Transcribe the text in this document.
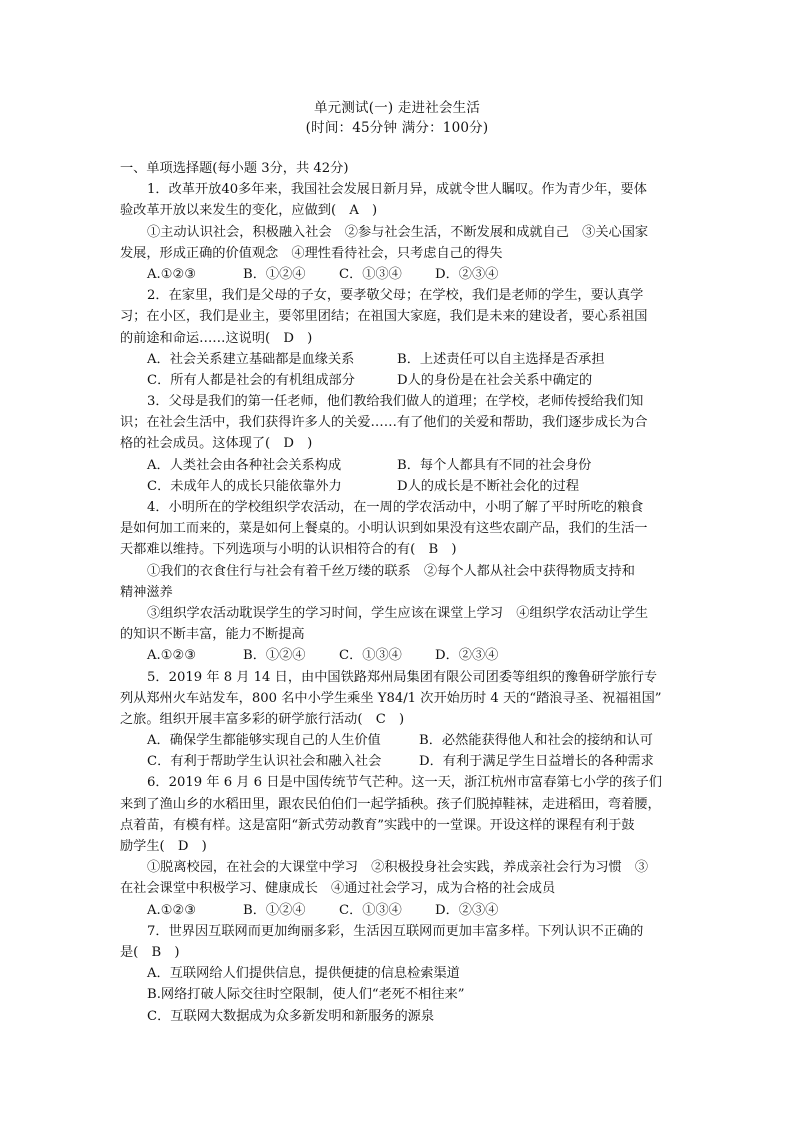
单元测试(一) 走进社会生活
(时间：45分钟 满分：100分)
一、单项选择题(每小题 3分，共 42分)
1．改革开放40多年来，我国社会发展日新月异，成就令世人瞩叹。作为青少年，要体
验改革开放以来发生的变化，应做到(　A　)
①主动认识社会，积极融入社会　②参与社会生活，不断发展和成就自己　③关心国家
发展，形成正确的价值观念　④理性看待社会，只考虑自己的得失
A.①②③	B．①②④	C．①③④	D．②③④
2．在家里，我们是父母的子女，要孝敬父母；在学校，我们是老师的学生，要认真学
习；在小区，我们是业主，要邻里团结；在祖国大家庭，我们是未来的建设者，要心系祖国
的前途和命运……这说明(　D　)
A．社会关系建立基础都是血缘关系	B．上述责任可以自主选择是否承担
C．所有人都是社会的有机组成部分	D人的身份是在社会关系中确定的
3．父母是我们的第一任老师，他们教给我们做人的道理；在学校，老师传授给我们知
识；在社会生活中，我们获得许多人的关爱……有了他们的关爱和帮助，我们逐步成长为合
格的社会成员。这体现了(　D　)
A．人类社会由各种社会关系构成	B．每个人都具有不同的社会身份
C．未成年人的成长只能依靠外力	D人的成长是不断社会化的过程
4．小明所在的学校组织学农活动，在一周的学农活动中，小明了解了平时所吃的粮食
是如何加工而来的，菜是如何上餐桌的。小明认识到如果没有这些农副产品，我们的生活一
天都难以维持。下列选项与小明的认识相符合的有(　B　)
①我们的衣食住行与社会有着千丝万缕的联系　②每个人都从社会中获得物质支持和
精神滋养
③组织学农活动耽误学生的学习时间，学生应该在课堂上学习　④组织学农活动让学生
的知识不断丰富，能力不断提高
A.①②③	B．①②④	C．①③④	D．②③④
5．2019 年 8 月 14 日，由中国铁路郑州局集团有限公司团委等组织的豫鲁研学旅行专
列从郑州火车站发车，800 名中小学生乘坐 Y84/1 次开始历时 4 天的“踏浪寻圣、祝福祖国”
之旅。组织开展丰富多彩的研学旅行活动(　C　)
A．确保学生都能够实现自己的人生价值	B．必然能获得他人和社会的接纳和认可
C．有利于帮助学生认识社会和融入社会	D．有利于满足学生日益增长的各种需求
6．2019 年 6 月 6 日是中国传统节气芒种。这一天，浙江杭州市富春第七小学的孩子们
来到了渔山乡的水稻田里，跟农民伯伯们一起学插秧。孩子们脱掉鞋袜，走进稻田，弯着腰，
点着苗，有模有样。这是富阳“新式劳动教育”实践中的一堂课。开设这样的课程有利于鼓
励学生(　D　)
①脱离校园，在社会的大课堂中学习　②积极投身社会实践，养成亲社会行为习惯　③
在社会课堂中积极学习、健康成长　④通过社会学习，成为合格的社会成员
A.①②③	B．①②④	C．①③④	D．②③④
7．世界因互联网而更加绚丽多彩，生活因互联网而更加丰富多样。下列认识不正确的
是(　B　)
A．互联网给人们提供信息，提供便捷的信息检索渠道
B.网络打破人际交往时空限制，使人们“老死不相往来”
C．互联网大数据成为众多新发明和新服务的源泉
